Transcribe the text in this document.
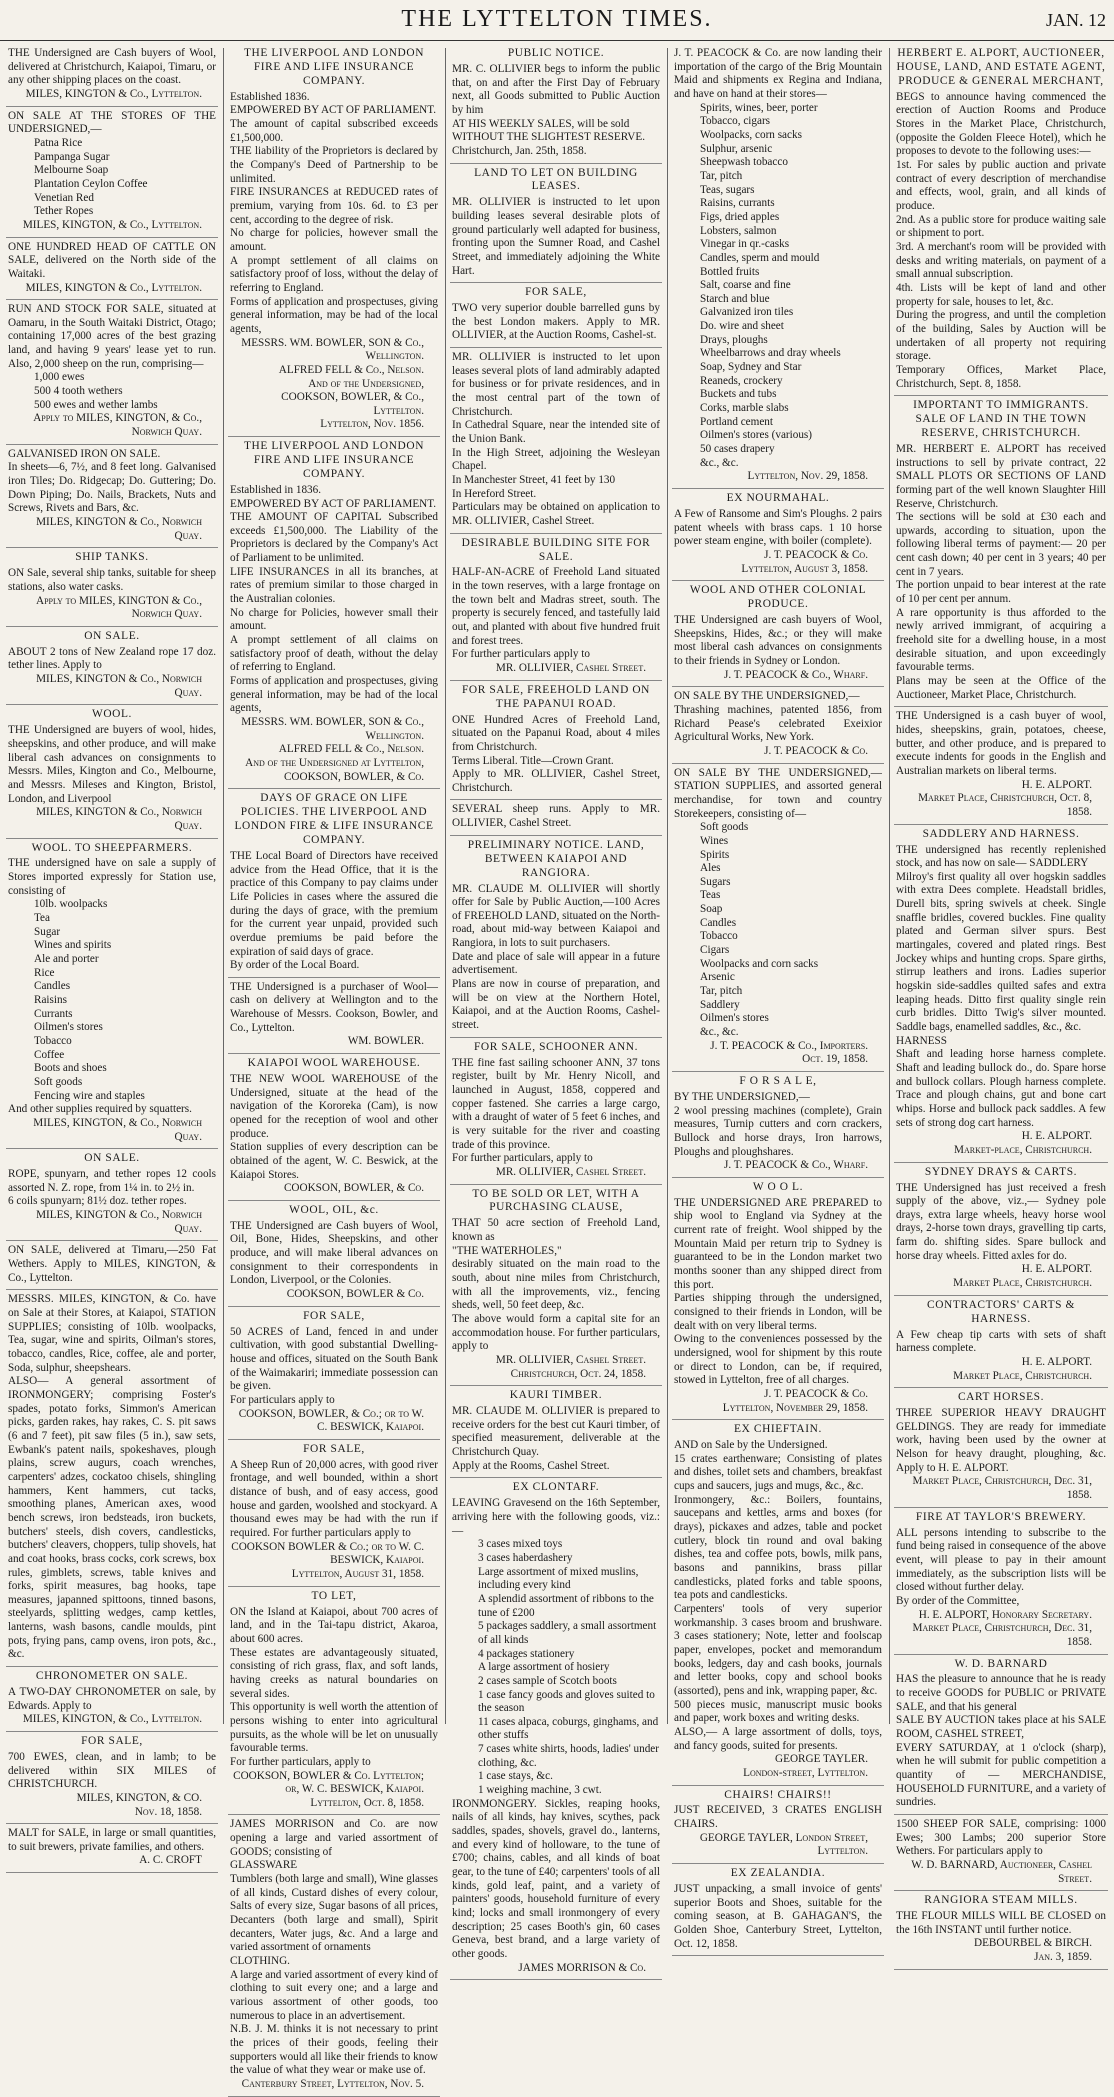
THE LYTTELTON TIMES.	JAN. 12

THE Undersigned are Cash buyers of Wool, delivered at Christchurch, Kaiapoi, Timaru, or any other shipping places on the coast.

MILES, KINGTON & Co., Lyttelton.

ON SALE AT THE STORES OF THE UNDERSIGNED,—

Patna Rice
Pampanga Sugar
Melbourne Soap
Plantation Ceylon Coffee
Venetian Red
Tether Ropes

MILES, KINGTON, & Co., Lyttelton.

ONE HUNDRED HEAD OF CATTLE ON SALE, delivered on the North side of the Waitaki.

MILES, KINGTON & Co., Lyttelton.

RUN AND STOCK FOR SALE, situated at Oamaru, in the South Waitaki District, Otago; containing 17,000 acres of the best grazing land, and having 9 years' lease yet to run. Also, 2,000 sheep on the run, comprising—

1,000 ewes
500 4 tooth wethers
500 ewes and wether lambs

Apply to MILES, KINGTON, & Co., Norwich Quay.

GALVANISED IRON ON SALE.

In sheets—6, 7½, and 8 feet long. Galvanised iron Tiles; Do. Ridgecap; Do. Guttering; Do. Down Piping; Do. Nails, Brackets, Nuts and Screws, Rivets and Bars, &c.

MILES, KINGTON & Co., Norwich Quay.

SHIP TANKS.

ON Sale, several ship tanks, suitable for sheep stations, also water casks.

Apply to MILES, KINGTON & Co., Norwich Quay.

ON SALE.

ABOUT 2 tons of New Zealand rope 17 doz. tether lines. Apply to

MILES, KINGTON & Co., Norwich Quay.

WOOL.

THE Undersigned are buyers of wool, hides, sheepskins, and other produce, and will make liberal cash advances on consignments to Messrs. Miles, Kington and Co., Melbourne, and Messrs. Mileses and Kington, Bristol, London, and Liverpool

MILES, KINGTON & Co., Norwich Quay.

WOOL. TO SHEEPFARMERS.

THE undersigned have on sale a supply of Stores imported expressly for Station use, consisting of

10lb. woolpacks
Tea
Sugar
Wines and spirits
Ale and porter
Rice
Candles
Raisins
Currants
Oilmen's stores
Tobacco
Coffee
Boots and shoes
Soft goods
Fencing wire and staples

And other supplies required by squatters.

MILES, KINGTON, & Co., Norwich Quay.

ON SALE.

ROPE, spunyarn, and tether ropes 12 cools assorted N. Z. rope, from 1¼ in. to 2½ in.

6 coils spunyarn; 81½ doz. tether ropes.

MILES, KINGTON & Co., Norwich Quay.

ON SALE, delivered at Timaru,—250 Fat Wethers. Apply to MILES, KINGTON, & Co., Lyttelton.

MESSRS. MILES, KINGTON, & Co. have on Sale at their Stores, at Kaiapoi, STATION SUPPLIES; consisting of 10lb. woolpacks, Tea, sugar, wine and spirits, Oilman's stores, tobacco, candles, Rice, coffee, ale and porter, Soda, sulphur, sheepshears.

ALSO— A general assortment of IRONMONGERY; comprising Foster's spades, potato forks, Simmon's American picks, garden rakes, hay rakes, C. S. pit saws (6 and 7 feet), pit saw files (5 in.), saw sets, Ewbank's patent nails, spokeshaves, plough plains, screw augurs, coach wrenches, carpenters' adzes, cockatoo chisels, shingling hammers, Kent hammers, cut tacks, smoothing planes, American axes, wood bench screws, iron bedsteads, iron buckets, butchers' steels, dish covers, candlesticks, butchers' cleavers, choppers, tulip shovels, hat and coat hooks, brass cocks, cork screws, box rules, gimblets, screws, table knives and forks, spirit measures, bag hooks, tape measures, japanned spittoons, tinned basons, steelyards, splitting wedges, camp kettles, lanterns, wash basons, candle moulds, pint pots, frying pans, camp ovens, iron pots, &c., &c.

CHRONOMETER ON SALE.

A TWO-DAY CHRONOMETER on sale, by Edwards. Apply to

MILES, KINGTON, & Co., Lyttelton.

FOR SALE,

700 EWES, clean, and in lamb; to be delivered within SIX MILES of CHRISTCHURCH.

MILES, KINGTON, & CO.

Nov. 18, 1858.

MALT for SALE, in large or small quantities, to suit brewers, private families, and others.

A. C. CROFT

THE LIVERPOOL AND LONDON FIRE AND LIFE INSURANCE COMPANY.

Established 1836.

EMPOWERED BY ACT OF PARLIAMENT.

The amount of capital subscribed exceeds £1,500,000.

THE liability of the Proprietors is declared by the Company's Deed of Partnership to be unlimited.

FIRE INSURANCES at REDUCED rates of premium, varying from 10s. 6d. to £3 per cent, according to the degree of risk.

No charge for policies, however small the amount.

A prompt settlement of all claims on satisfactory proof of loss, without the delay of referring to England.

Forms of application and prospectuses, giving general information, may be had of the local agents,

MESSRS. WM. BOWLER, SON & Co., Wellington.

ALFRED FELL & Co., Nelson.

And of the Undersigned,

COOKSON, BOWLER, & Co., Lyttelton.

Lyttelton, Nov. 1856.

THE LIVERPOOL AND LONDON FIRE AND LIFE INSURANCE COMPANY.

Established in 1836.

EMPOWERED BY ACT OF PARLIAMENT.

THE AMOUNT OF CAPITAL Subscribed exceeds £1,500,000. The Liability of the Proprietors is declared by the Company's Act of Parliament to be unlimited.

LIFE INSURANCES in all its branches, at rates of premium similar to those charged in the Australian colonies.

No charge for Policies, however small their amount.

A prompt settlement of all claims on satisfactory proof of death, without the delay of referring to England.

Forms of application and prospectuses, giving general information, may be had of the local agents,

MESSRS. WM. BOWLER, SON & Co., Wellington.

ALFRED FELL & Co., Nelson.

And of the Undersigned at Lyttelton,

COOKSON, BOWLER, & Co.

DAYS OF GRACE ON LIFE POLICIES. THE LIVERPOOL AND LONDON FIRE & LIFE INSURANCE COMPANY.

THE Local Board of Directors have received advice from the Head Office, that it is the practice of this Company to pay claims under Life Policies in cases where the assured die during the days of grace, with the premium for the current year unpaid, provided such overdue premiums be paid before the expiration of said days of grace.

By order of the Local Board.

THE Undersigned is a purchaser of Wool—cash on delivery at Wellington and to the Warehouse of Messrs. Cookson, Bowler, and Co., Lyttelton.

WM. BOWLER.

KAIAPOI WOOL WAREHOUSE.

THE NEW WOOL WAREHOUSE of the Undersigned, situate at the head of the navigation of the Kororeka (Cam), is now opened for the reception of wool and other produce.

Station supplies of every description can be obtained of the agent, W. C. Beswick, at the Kaiapoi Stores.

COOKSON, BOWLER, & Co.

WOOL, OIL, &c.

THE Undersigned are Cash buyers of Wool, Oil, Bone, Hides, Sheepskins, and other produce, and will make liberal advances on consignment to their correspondents in London, Liverpool, or the Colonies.

COOKSON, BOWLER & Co.

FOR SALE,

50 ACRES of Land, fenced in and under cultivation, with good substantial Dwelling-house and offices, situated on the South Bank of the Waimakariri; immediate possession can be given.

For particulars apply to

COOKSON, BOWLER, & Co.; or to W. C. BESWICK, Kaiapoi.

FOR SALE,

A Sheep Run of 20,000 acres, with good river frontage, and well bounded, within a short distance of bush, and of easy access, good house and garden, woolshed and stockyard. A thousand ewes may be had with the run if required. For further particulars apply to

COOKSON BOWLER & Co.; or to W. C. BESWICK, Kaiapoi.

Lyttelton, August 31, 1858.

TO LET,

ON the Island at Kaiapoi, about 700 acres of land, and in the Tai-tapu district, Akaroa, about 600 acres.

These estates are advantageously situated, consisting of rich grass, flax, and soft lands, having creeks as natural boundaries on several sides.

This opportunity is well worth the attention of persons wishing to enter into agricultural pursuits, as the whole will be let on unusually favourable terms.

For further particulars, apply to

COOKSON, BOWLER & Co. Lyttelton; or, W. C. BESWICK, Kaiapoi.

Lyttelton, Oct. 8, 1858.

JAMES MORRISON and Co. are now opening a large and varied assortment of GOODS; consisting of

GLASSWARE

Tumblers (both large and small), Wine glasses of all kinds, Custard dishes of every colour, Salts of every size, Sugar basons of all prices, Decanters (both large and small), Spirit decanters, Water jugs, &c. And a large and varied assortment of ornaments

CLOTHING.

A large and varied assortment of every kind of clothing to suit every one; and a large and various assortment of other goods, too numerous to place in an advertisement.

N.B. J. M. thinks it is not necessary to print the prices of their goods, feeling their supporters would all like their friends to know the value of what they wear or make use of.

Canterbury Street, Lyttelton, Nov. 5.

PUBLIC NOTICE.

MR. C. OLLIVIER begs to inform the public that, on and after the First Day of February next, all Goods submitted to Public Auction by him

AT HIS WEEKLY SALES, will be sold

WITHOUT THE SLIGHTEST RESERVE.

Christchurch, Jan. 25th, 1858.

LAND TO LET ON BUILDING LEASES.

MR. OLLIVIER is instructed to let upon building leases several desirable plots of ground particularly well adapted for business, fronting upon the Sumner Road, and Cashel Street, and immediately adjoining the White Hart.

FOR SALE,

TWO very superior double barrelled guns by the best London makers. Apply to MR. OLLIVIER, at the Auction Rooms, Cashel-st.

MR. OLLIVIER is instructed to let upon leases several plots of land admirably adapted for business or for private residences, and in the most central part of the town of Christchurch.

In Cathedral Square, near the intended site of the Union Bank.

In the High Street, adjoining the Wesleyan Chapel.

In Manchester Street, 41 feet by 130

In Hereford Street.

Particulars may be obtained on application to MR. OLLIVIER, Cashel Street.

DESIRABLE BUILDING SITE FOR SALE.

HALF-AN-ACRE of Freehold Land situated in the town reserves, with a large frontage on the town belt and Madras street, south. The property is securely fenced, and tastefully laid out, and planted with about five hundred fruit and forest trees.

For further particulars apply to

MR. OLLIVIER, Cashel Street.

FOR SALE, FREEHOLD LAND ON THE PAPANUI ROAD.

ONE Hundred Acres of Freehold Land, situated on the Papanui Road, about 4 miles from Christchurch.

Terms Liberal. Title—Crown Grant.

Apply to MR. OLLIVIER, Cashel Street, Christchurch.

SEVERAL sheep runs. Apply to MR. OLLIVIER, Cashel Street.

PRELIMINARY NOTICE. LAND, BETWEEN KAIAPOI AND RANGIORA.

MR. CLAUDE M. OLLIVIER will shortly offer for Sale by Public Auction,—100 Acres of FREEHOLD LAND, situated on the North-road, about mid-way between Kaiapoi and Rangiora, in lots to suit purchasers.

Date and place of sale will appear in a future advertisement.

Plans are now in course of preparation, and will be on view at the Northern Hotel, Kaiapoi, and at the Auction Rooms, Cashel-street.

FOR SALE, SCHOONER ANN.

THE fine fast sailing schooner ANN, 37 tons register, built by Mr. Henry Nicoll, and launched in August, 1858, coppered and copper fastened. She carries a large cargo, with a draught of water of 5 feet 6 inches, and is very suitable for the river and coasting trade of this province.

For further particulars, apply to

MR. OLLIVIER, Cashel Street.

TO BE SOLD OR LET, WITH A PURCHASING CLAUSE,

THAT 50 acre section of Freehold Land, known as

"THE WATERHOLES,"

desirably situated on the main road to the south, about nine miles from Christchurch, with all the improvements, viz., fencing sheds, well, 50 feet deep, &c.

The above would form a capital site for an accommodation house. For further particulars, apply to

MR. OLLIVIER, Cashel Street.

Christchurch, Oct. 24, 1858.

KAURI TIMBER.

MR. CLAUDE M. OLLIVIER is prepared to receive orders for the best cut Kauri timber, of specified measurement, deliverable at the Christchurch Quay.

Apply at the Rooms, Cashel Street.

EX CLONTARF.

LEAVING Gravesend on the 16th September, arriving here with the following goods, viz.:—

3 cases mixed toys
3 cases haberdashery
Large assortment of mixed muslins, including every kind
A splendid assortment of ribbons to the tune of £200
5 packages saddlery, a small assortment of all kinds
4 packages stationery
A large assortment of hosiery
2 cases sample of Scotch boots
1 case fancy goods and gloves suited to the season
11 cases alpaca, coburgs, ginghams, and other stuffs
7 cases white shirts, hoods, ladies' under clothing, &c.
1 case stays, &c.
1 weighing machine, 3 cwt.

IRONMONGERY. Sickles, reaping hooks, nails of all kinds, hay knives, scythes, pack saddles, spades, shovels, gravel do., lanterns, and every kind of holloware, to the tune of £700; chains, cables, and all kinds of boat gear, to the tune of £40; carpenters' tools of all kinds, gold leaf, paint, and a variety of painters' goods, household furniture of every kind; locks and small ironmongery of every description; 25 cases Booth's gin, 60 cases Geneva, best brand, and a large variety of other goods.

JAMES MORRISON & Co.

J. T. PEACOCK & Co. are now landing their importation of the cargo of the Brig Mountain Maid and shipments ex Regina and Indiana, and have on hand at their stores—

Spirits, wines, beer, porter
Tobacco, cigars
Woolpacks, corn sacks
Sulphur, arsenic
Sheepwash tobacco
Tar, pitch
Teas, sugars
Raisins, currants
Figs, dried apples
Lobsters, salmon
Vinegar in qr.-casks
Candles, sperm and mould
Bottled fruits
Salt, coarse and fine
Starch and blue
Galvanized iron tiles
Do. wire and sheet
Drays, ploughs
Wheelbarrows and dray wheels
Soap, Sydney and Star
Reaneds, crockery
Buckets and tubs
Corks, marble slabs
Portland cement
Oilmen's stores (various)
50 cases drapery
&c., &c.

Lyttelton, Nov. 29, 1858.

EX NOURMAHAL.

A Few of Ransome and Sim's Ploughs. 2 pairs patent wheels with brass caps. 1 10 horse power steam engine, with boiler (complete).

J. T. PEACOCK & Co.

Lyttelton, August 3, 1858.

WOOL AND OTHER COLONIAL PRODUCE.

THE Undersigned are cash buyers of Wool, Sheepskins, Hides, &c.; or they will make most liberal cash advances on consignments to their friends in Sydney or London.

J. T. PEACOCK & Co., Wharf.

ON SALE BY THE UNDERSIGNED,—

Thrashing machines, patented 1856, from Richard Pease's celebrated Exeixior Agricultural Works, New York.

J. T. PEACOCK & Co.

ON SALE BY THE UNDERSIGNED,— STATION SUPPLIES, and assorted general merchandise, for town and country Storekeepers, consisting of—

Soft goods
Wines
Spirits
Ales
Sugars
Teas
Soap
Candles
Tobacco
Cigars
Woolpacks and corn sacks
Arsenic
Tar, pitch
Saddlery
Oilmen's stores
&c., &c.

J. T. PEACOCK & Co., Importers.

Oct. 19, 1858.

F O R S A L E,

BY THE UNDERSIGNED,—

2 wool pressing machines (complete), Grain measures, Turnip cutters and corn crackers, Bullock and horse drays, Iron harrows, Ploughs and ploughshares.

J. T. PEACOCK & Co., Wharf.

W O O L.

THE UNDERSIGNED ARE PREPARED to ship wool to England via Sydney at the current rate of freight. Wool shipped by the Mountain Maid per return trip to Sydney is guaranteed to be in the London market two months sooner than any shipped direct from this port.

Parties shipping through the undersigned, consigned to their friends in London, will be dealt with on very liberal terms.

Owing to the conveniences possessed by the undersigned, wool for shipment by this route or direct to London, can be, if required, stowed in Lyttelton, free of all charges.

J. T. PEACOCK & Co.

Lyttelton, November 29, 1858.

EX CHIEFTAIN.

AND on Sale by the Undersigned.

15 crates earthenware; Consisting of plates and dishes, toilet sets and chambers, breakfast cups and saucers, jugs and mugs, &c., &c.

Ironmongery, &c.: Boilers, fountains, saucepans and kettles, arms and boxes (for drays), pickaxes and adzes, table and pocket cutlery, block tin round and oval baking dishes, tea and coffee pots, bowls, milk pans, basons and pannikins, brass pillar candlesticks, plated forks and table spoons, tea pots and candlesticks.

Carpenters' tools of very superior workmanship. 3 cases broom and brushware. 3 cases stationery; Note, letter and foolscap paper, envelopes, pocket and memorandum books, ledgers, day and cash books, journals and letter books, copy and school books (assorted), pens and ink, wrapping paper, &c.

500 pieces music, manuscript music books and paper, work boxes and writing desks.

ALSO,— A large assortment of dolls, toys, and fancy goods, suited for presents.

GEORGE TAYLER.

London-street, Lyttelton.

CHAIRS! CHAIRS!!

JUST RECEIVED, 3 CRATES ENGLISH CHAIRS.

GEORGE TAYLER, London Street, Lyttelton.

EX ZEALANDIA.

JUST unpacking, a small invoice of gents' superior Boots and Shoes, suitable for the coming season, at B. GAHAGAN'S, the Golden Shoe, Canterbury Street, Lyttelton, Oct. 12, 1858.

HERBERT E. ALPORT, AUCTIONEER, HOUSE, LAND, AND ESTATE AGENT, PRODUCE & GENERAL MERCHANT,

BEGS to announce having commenced the erection of Auction Rooms and Produce Stores in the Market Place, Christchurch, (opposite the Golden Fleece Hotel), which he proposes to devote to the following uses:—

1st. For sales by public auction and private contract of every description of merchandise and effects, wool, grain, and all kinds of produce.

2nd. As a public store for produce waiting sale or shipment to port.

3rd. A merchant's room will be provided with desks and writing materials, on payment of a small annual subscription.

4th. Lists will be kept of land and other property for sale, houses to let, &c.

During the progress, and until the completion of the building, Sales by Auction will be undertaken of all property not requiring storage.

Temporary Offices, Market Place, Christchurch, Sept. 8, 1858.

IMPORTANT TO IMMIGRANTS. SALE OF LAND IN THE TOWN RESERVE, CHRISTCHURCH.

MR. HERBERT E. ALPORT has received instructions to sell by private contract, 22 SMALL PLOTS OR SECTIONS OF LAND forming part of the well known Slaughter Hill Reserve, Christchurch.

The sections will be sold at £30 each and upwards, according to situation, upon the following liberal terms of payment:— 20 per cent cash down; 40 per cent in 3 years; 40 per cent in 7 years.

The portion unpaid to bear interest at the rate of 10 per cent per annum.

A rare opportunity is thus afforded to the newly arrived immigrant, of acquiring a freehold site for a dwelling house, in a most desirable situation, and upon exceedingly favourable terms.

Plans may be seen at the Office of the Auctioneer, Market Place, Christchurch.

THE Undersigned is a cash buyer of wool, hides, sheepskins, grain, potatoes, cheese, butter, and other produce, and is prepared to execute indents for goods in the English and Australian markets on liberal terms.

H. E. ALPORT.

Market Place, Christchurch, Oct. 8, 1858.

SADDLERY AND HARNESS.

THE undersigned has recently replenished stock, and has now on sale— SADDLERY

Milroy's first quality all over hogskin saddles with extra Dees complete. Headstall bridles, Durell bits, spring swivels at cheek. Single snaffle bridles, covered buckles. Fine quality plated and German silver spurs. Best martingales, covered and plated rings. Best Jockey whips and hunting crops. Spare girths, stirrup leathers and irons. Ladies superior hogskin side-saddles quilted safes and extra leaping heads. Ditto first quality single rein curb bridles. Ditto Twig's silver mounted. Saddle bags, enamelled saddles, &c., &c.

HARNESS

Shaft and leading horse harness complete. Shaft and leading bullock do., do. Spare horse and bullock collars. Plough harness complete. Trace and plough chains, gut and bone cart whips. Horse and bullock pack saddles. A few sets of strong dog cart harness.

H. E. ALPORT.

Market-place, Christchurch.

SYDNEY DRAYS & CARTS.

THE Undersigned has just received a fresh supply of the above, viz.,— Sydney pole drays, extra large wheels, heavy horse wool drays, 2-horse town drays, gravelling tip carts, farm do. shifting sides. Spare bullock and horse dray wheels. Fitted axles for do.

H. E. ALPORT.

Market Place, Christchurch.

CONTRACTORS' CARTS & HARNESS.

A Few cheap tip carts with sets of shaft harness complete.

H. E. ALPORT.

Market Place, Christchurch.

CART HORSES.

THREE SUPERIOR HEAVY DRAUGHT GELDINGS. They are ready for immediate work, having been used by the owner at Nelson for heavy draught, ploughing, &c. Apply to H. E. ALPORT.

Market Place, Christchurch, Dec. 31, 1858.

FIRE AT TAYLOR'S BREWERY.

ALL persons intending to subscribe to the fund being raised in consequence of the above event, will please to pay in their amount immediately, as the subscription lists will be closed without further delay.

By order of the Committee,

H. E. ALPORT, Honorary Secretary.

Market Place, Christchurch, Dec. 31, 1858.

W. D. BARNARD

HAS the pleasure to announce that he is ready to receive GOODS for PUBLIC or PRIVATE SALE, and that his general

SALE BY AUCTION takes place at his SALE ROOM, CASHEL STREET,

EVERY SATURDAY, at 1 o'clock (sharp), when he will submit for public competition a quantity of — MERCHANDISE, HOUSEHOLD FURNITURE, and a variety of sundries.

1500 SHEEP FOR SALE, comprising: 1000 Ewes; 300 Lambs; 200 superior Store Wethers. For particulars apply to

W. D. BARNARD, Auctioneer, Cashel Street.

RANGIORA STEAM MILLS.

THE FLOUR MILLS WILL BE CLOSED on the 16th INSTANT until further notice.

DEBOURBEL & BIRCH.

Jan. 3, 1859.
